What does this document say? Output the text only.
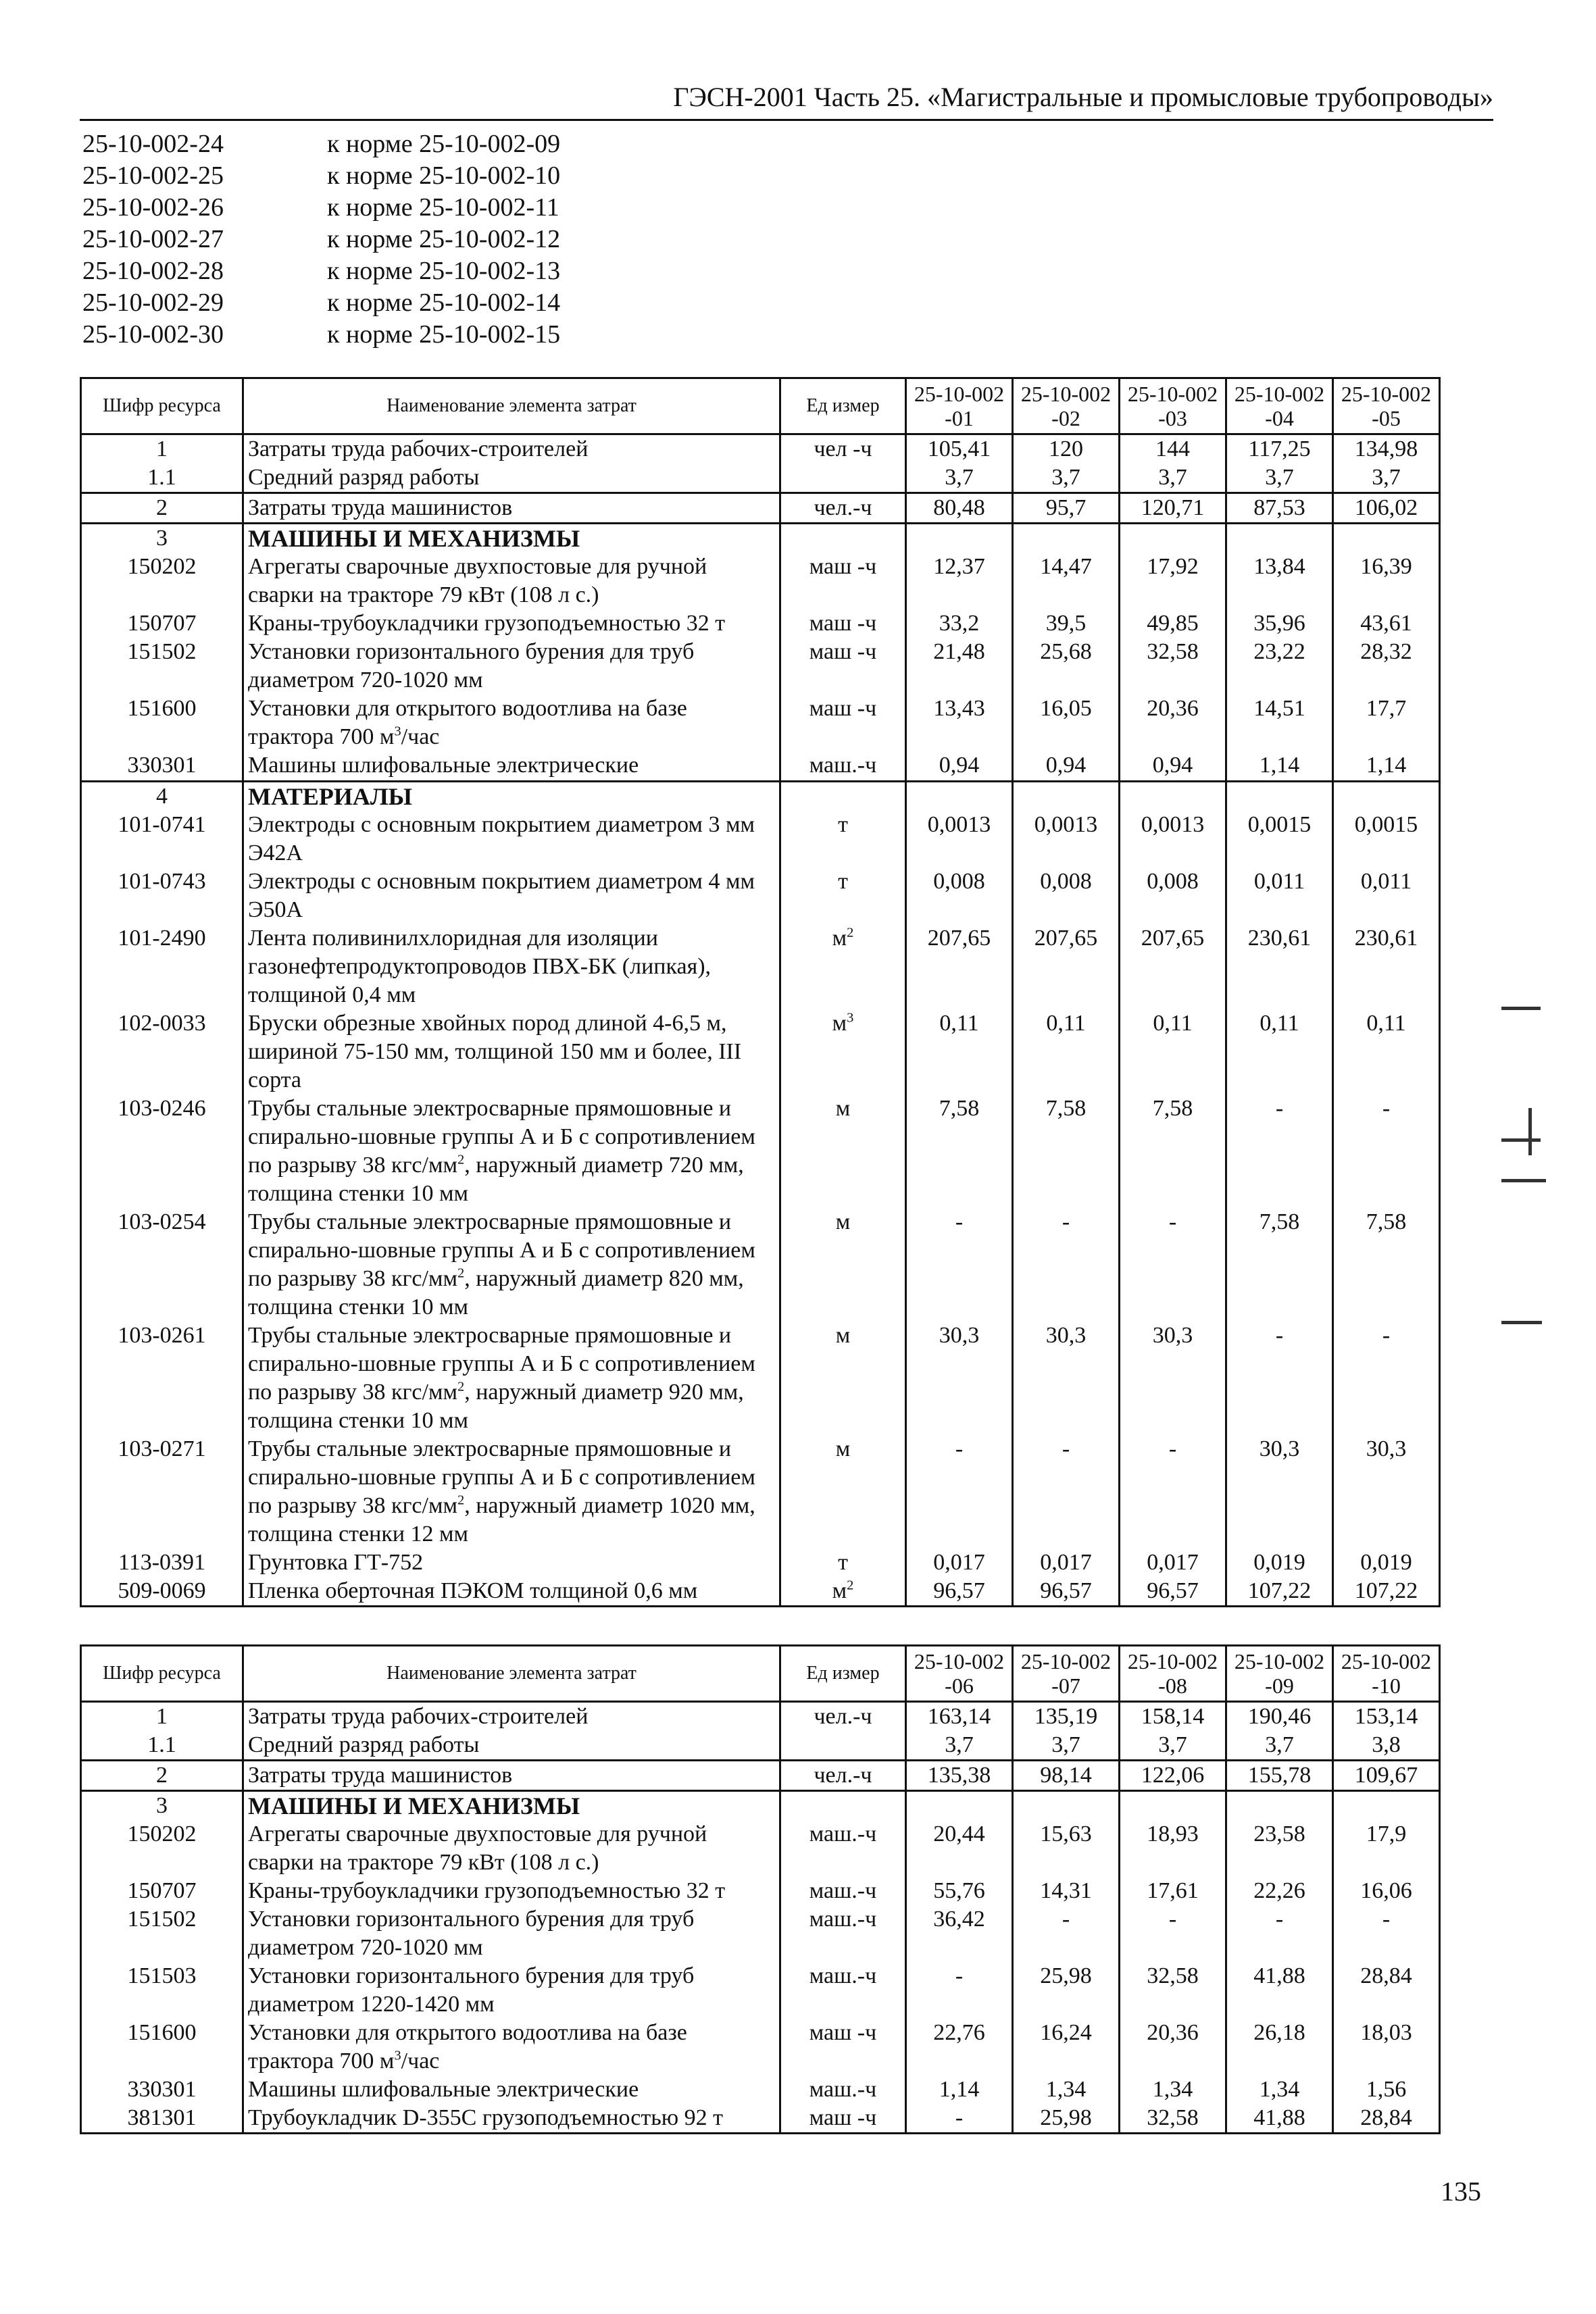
ГЭСН-2001 Часть 25. «Магистральные и промысловые трубопроводы»
25-10-002-24	к норме 25-10-002-09
25-10-002-25	к норме 25-10-002-10
25-10-002-26	к норме 25-10-002-11
25-10-002-27	к норме 25-10-002-12
25-10-002-28	к норме 25-10-002-13
25-10-002-29	к норме 25-10-002-14
25-10-002-30	к норме 25-10-002-15
Шифр ресурса	Наименование элемента затрат	Ед измер	25-10-002-01	25-10-002-02	25-10-002-03	25-10-002-04	25-10-002-05
1	Затраты труда рабочих-строителей	чел -ч	105,41	120	144	117,25	134,98
1.1	Средний разряд работы		3,7	3,7	3,7	3,7	3,7
2	Затраты труда машинистов	чел.-ч	80,48	95,7	120,71	87,53	106,02
3	МАШИНЫ И МЕХАНИЗМЫ						
150202	Агрегаты сварочные двухпостовые для ручной сварки на тракторе 79 кВт (108 л с.)	маш -ч	12,37	14,47	17,92	13,84	16,39
150707	Краны-трубоукладчики грузоподъемностью 32 т	маш -ч	33,2	39,5	49,85	35,96	43,61
151502	Установки горизонтального бурения для труб диаметром 720-1020 мм	маш -ч	21,48	25,68	32,58	23,22	28,32
151600	Установки для открытого водоотлива на базе трактора 700 $м^3$/час	маш -ч	13,43	16,05	20,36	14,51	17,7
330301	Машины шлифовальные электрические	маш.-ч	0,94	0,94	0,94	1,14	1,14
4	МАТЕРИАЛЫ						
101-0741	Электроды с основным покрытием диаметром 3 мм Э42А	т	0,0013	0,0013	0,0013	0,0015	0,0015
101-0743	Электроды с основным покрытием диаметром 4 мм Э50А	т	0,008	0,008	0,008	0,011	0,011
101-2490	Лента поливинилхлоридная для изоляции газонефтепродуктопроводов ПВХ-БК (липкая), толщиной 0,4 мм	$м^2$	207,65	207,65	207,65	230,61	230,61
102-0033	Бруски обрезные хвойных пород длиной 4-6,5 м, шириной 75-150 мм, толщиной 150 мм и более, III сорта	$м^3$	0,11	0,11	0,11	0,11	0,11
103-0246	Трубы стальные электросварные прямошовные и спирально-шовные группы А и Б с сопротивлением по разрыву 38 кгс/$мм^2$, наружный диаметр 720 мм, толщина стенки 10 мм	м	7,58	7,58	7,58	-	-
103-0254	Трубы стальные электросварные прямошовные и спирально-шовные группы А и Б с сопротивлением по разрыву 38 кгс/$мм^2$, наружный диаметр 820 мм, толщина стенки 10 мм	м	-	-	-	7,58	7,58
103-0261	Трубы стальные электросварные прямошовные и спирально-шовные группы А и Б с сопротивлением по разрыву 38 кгс/$мм^2$, наружный диаметр 920 мм, толщина стенки 10 мм	м	30,3	30,3	30,3	-	-
103-0271	Трубы стальные электросварные прямошовные и спирально-шовные группы А и Б с сопротивлением по разрыву 38 кгс/$мм^2$, наружный диаметр 1020 мм, толщина стенки 12 мм	м	-	-	-	30,3	30,3
113-0391	Грунтовка ГТ-752	т	0,017	0,017	0,017	0,019	0,019
509-0069	Пленка оберточная ПЭКОМ толщиной 0,6 мм	$м^2$	96,57	96,57	96,57	107,22	107,22
Шифр ресурса	Наименование элемента затрат	Ед измер	25-10-002-06	25-10-002-07	25-10-002-08	25-10-002-09	25-10-002-10
1	Затраты труда рабочих-строителей	чел.-ч	163,14	135,19	158,14	190,46	153,14
1.1	Средний разряд работы		3,7	3,7	3,7	3,7	3,8
2	Затраты труда машинистов	чел.-ч	135,38	98,14	122,06	155,78	109,67
3	МАШИНЫ И МЕХАНИЗМЫ						
150202	Агрегаты сварочные двухпостовые для ручной сварки на тракторе 79 кВт (108 л с.)	маш.-ч	20,44	15,63	18,93	23,58	17,9
150707	Краны-трубоукладчики грузоподъемностью 32 т	маш.-ч	55,76	14,31	17,61	22,26	16,06
151502	Установки горизонтального бурения для труб диаметром 720-1020 мм	маш.-ч	36,42	-	-	-	-
151503	Установки горизонтального бурения для труб диаметром 1220-1420 мм	маш.-ч	-	25,98	32,58	41,88	28,84
151600	Установки для открытого водоотлива на базе трактора 700 $м^3$/час	маш -ч	22,76	16,24	20,36	26,18	18,03
330301	Машины шлифовальные электрические	маш.-ч	1,14	1,34	1,34	1,34	1,56
381301	Трубоукладчик D-355С грузоподъемностью 92 т	маш -ч	-	25,98	32,58	41,88	28,84
135
